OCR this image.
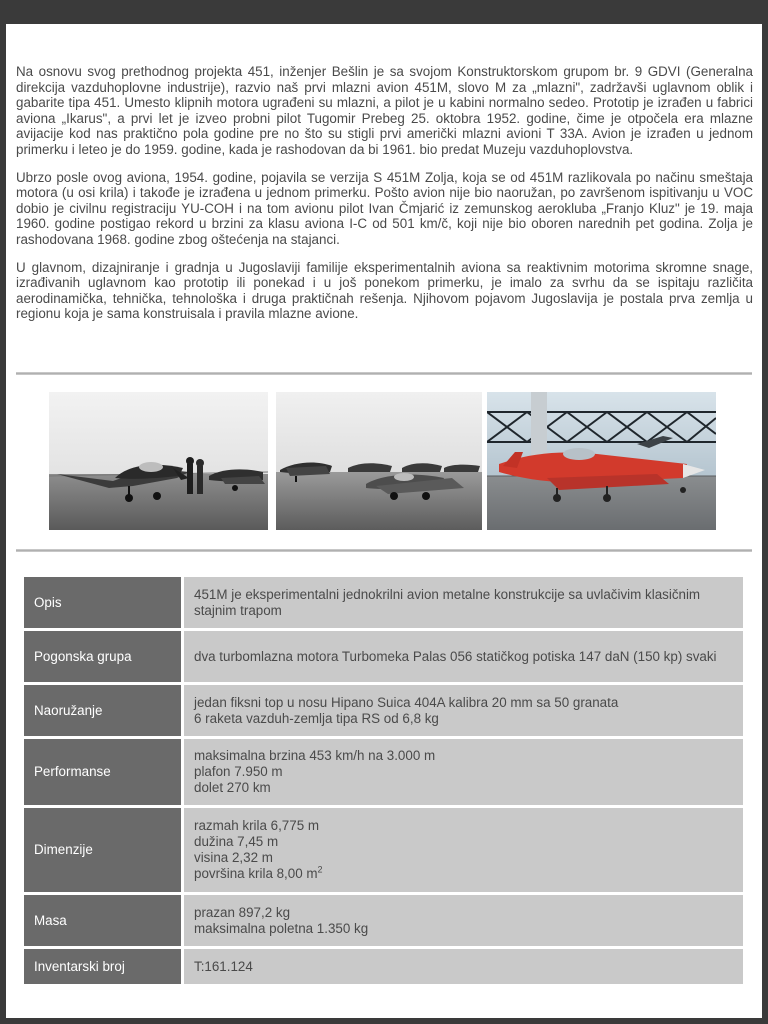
Na osnovu svog prethodnog projekta 451, inženjer Bešlin je sa svojom Konstruktorskom grupom br. 9 GDVI (Generalna direkcija vazduhoplovne industrije), razvio naš prvi mlazni avion 451M, slovo M za „mlazni", zadržavši uglavnom oblik i gabarite tipa 451. Umesto klipnih motora ugrađeni su mlazni, a pilot je u kabini normalno sedeo. Prototip je izrađen u fabrici aviona „Ikarus", a prvi let je izveo probni pilot Tugomir Prebeg 25. oktobra 1952. godine, čime je otpočela era mlazne avijacije kod nas praktično pola godine pre no što su stigli prvi američki mlazni avioni T 33A. Avion je izrađen u jednom primerku i leteo je do 1959. godine, kada je rashodovan da bi 1961. bio predat Muzeju vazduhoplovstva.

Ubrzo posle ovog aviona, 1954. godine, pojavila se verzija S 451M Zolja, koja se od 451M razlikovala po načinu smeštaja motora (u osi krila) i takođe je izrađena u jednom primerku. Pošto avion nije bio naoružan, po završenom ispitivanju u VOC dobio je civilnu registraciju YU-COH i na tom avionu pilot Ivan Čmjarić iz zemunskog aerokluba „Franjo Kluz" je 19. maja 1960. godine postigao rekord u brzini za klasu aviona I-C od 501 km/č, koji nije bio oboren narednih pet godina. Zolja je rashodovana 1968. godine zbog oštećenja na stajanci.

U glavnom, dizajniranje i gradnja u Jugoslaviji familije eksperimentalnih aviona sa reaktivnim motorima skromne snage, izrađivanih uglavnom kao prototip ili ponekad i u još ponekom primerku, je imalo za svrhu da se ispitaju različita aerodinamička, tehnička, tehnološka i druga praktičnah rešenja. Njihovom pojavom Jugoslavija je postala prva zemlja u regionu koja je sama konstruisala i pravila mlazne avione.

Opis	451M je eksperimentalni jednokrilni avion metalne konstrukcije sa uvlačivim klasičnim stajnim trapom

Pogonska grupa	dva turbomlazna motora Turbomeka Palas 056 statičkog potiska 147 daN (150 kp) svaki

Naoružanje	jedan fiksni top u nosu Hipano Suica 404A kalibra 20 mm sa 50 granata
6 raketa vazduh-zemlja tipa RS od 6,8 kg

Performanse	maksimalna brzina 453 km/h na 3.000 m
plafon 7.950 m
dolet 270 km

Dimenzije	razmah krila 6,775 m
dužina 7,45 m
visina 2,32 m
površina krila 8,00 $m^2$

Masa	prazan 897,2 kg
maksimalna poletna 1.350 kg

Inventarski broj	T:161.124
